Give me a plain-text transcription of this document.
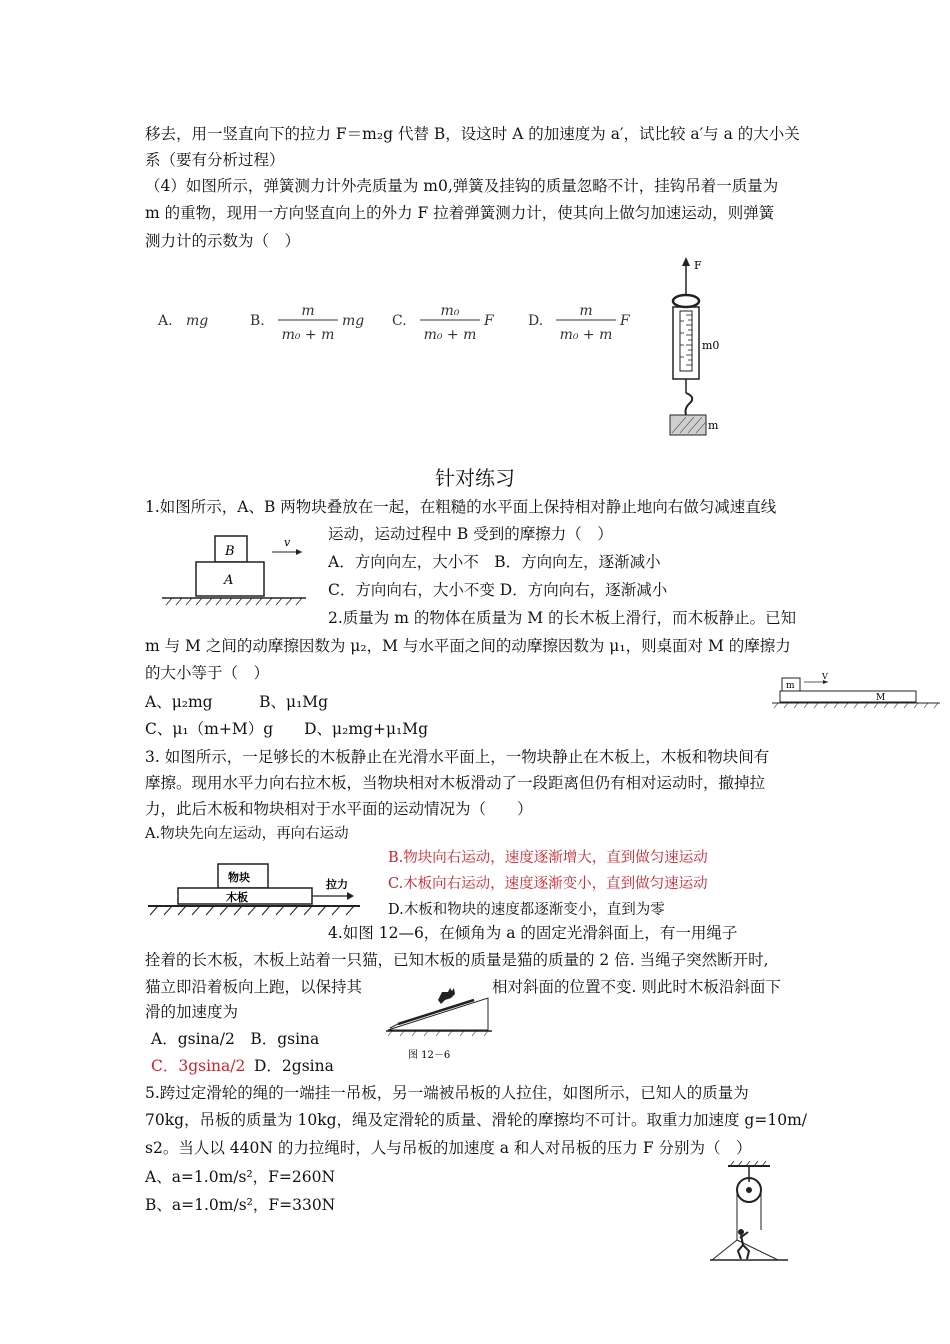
移去，用一竖直向下的拉力 F＝m₂g 代替 B，设这时 A 的加速度为 a′，试比较 a′与 a 的大小关
系（要有分析过程）
（4）如图所示，弹簧测力计外壳质量为 m0,弹簧及挂钩的质量忽略不计，挂钩吊着一质量为
m 的重物，现用一方向竖直向上的外力 F 拉着弹簧测力计，使其向上做匀加速运动，则弹簧
测力计的示数为（　）
A. mg	B.
m
m₀ + m
mg C.
m₀
m₀ + m
F D.
m
m₀ + m
F
F
m0
m
针对练习
1.如图所示，A、B 两物块叠放在一起，在粗糙的水平面上保持相对静止地向右做匀减速直线
运动，运动过程中 B 受到的摩擦力（　）
A．方向向左，大小不　B．方向向左，逐渐减小
C．方向向右，大小不变 D．方向向右，逐渐减小
B
A
v
2.质量为 m 的物体在质量为 M 的长木板上滑行，而木板静止。已知
m 与 M 之间的动摩擦因数为 μ₂，M 与水平面之间的动摩擦因数为 μ₁，则桌面对 M 的摩擦力
的大小等于（　）
A、μ₂mg　　　B、μ₁Mg
C、μ₁（m+M）g　　D、μ₂mg+μ₁Mg
m
V
M
3. 如图所示，一足够长的木板静止在光滑水平面上，一物块静止在木板上，木板和物块间有
摩擦。现用水平力向右拉木板，当物块相对木板滑动了一段距离但仍有相对运动时，撤掉拉
力，此后木板和物块相对于水平面的运动情况为（　　）
A.物块先向左运动，再向右运动
B.物块向右运动，速度逐渐增大，直到做匀速运动
C.木板向右运动，速度逐渐变小，直到做匀速运动
D.木板和物块的速度都逐渐变小，直到为零
物块
木板
拉力
4.如图 12—6，在倾角为 a 的固定光滑斜面上，有一用绳子
拴着的长木板，木板上站着一只猫，已知木板的质量是猫的质量的 2 倍. 当绳子突然断开时,
猫立即沿着板向上跑，以保持其	相对斜面的位置不变. 则此时木板沿斜面下
滑的加速度为
A．gsina/2　B．gsina
C．3gsina/2 D．2gsina
图 12－6
5.跨过定滑轮的绳的一端挂一吊板，另一端被吊板的人拉住，如图所示，已知人的质量为
70kg，吊板的质量为 10kg，绳及定滑轮的质量、滑轮的摩擦均不可计。取重力加速度 g=10m/
s2。当人以 440N 的力拉绳时，人与吊板的加速度 a 和人对吊板的压力 F 分别为（　）
A、a=1.0m/s²，F=260N
B、a=1.0m/s²，F=330N
